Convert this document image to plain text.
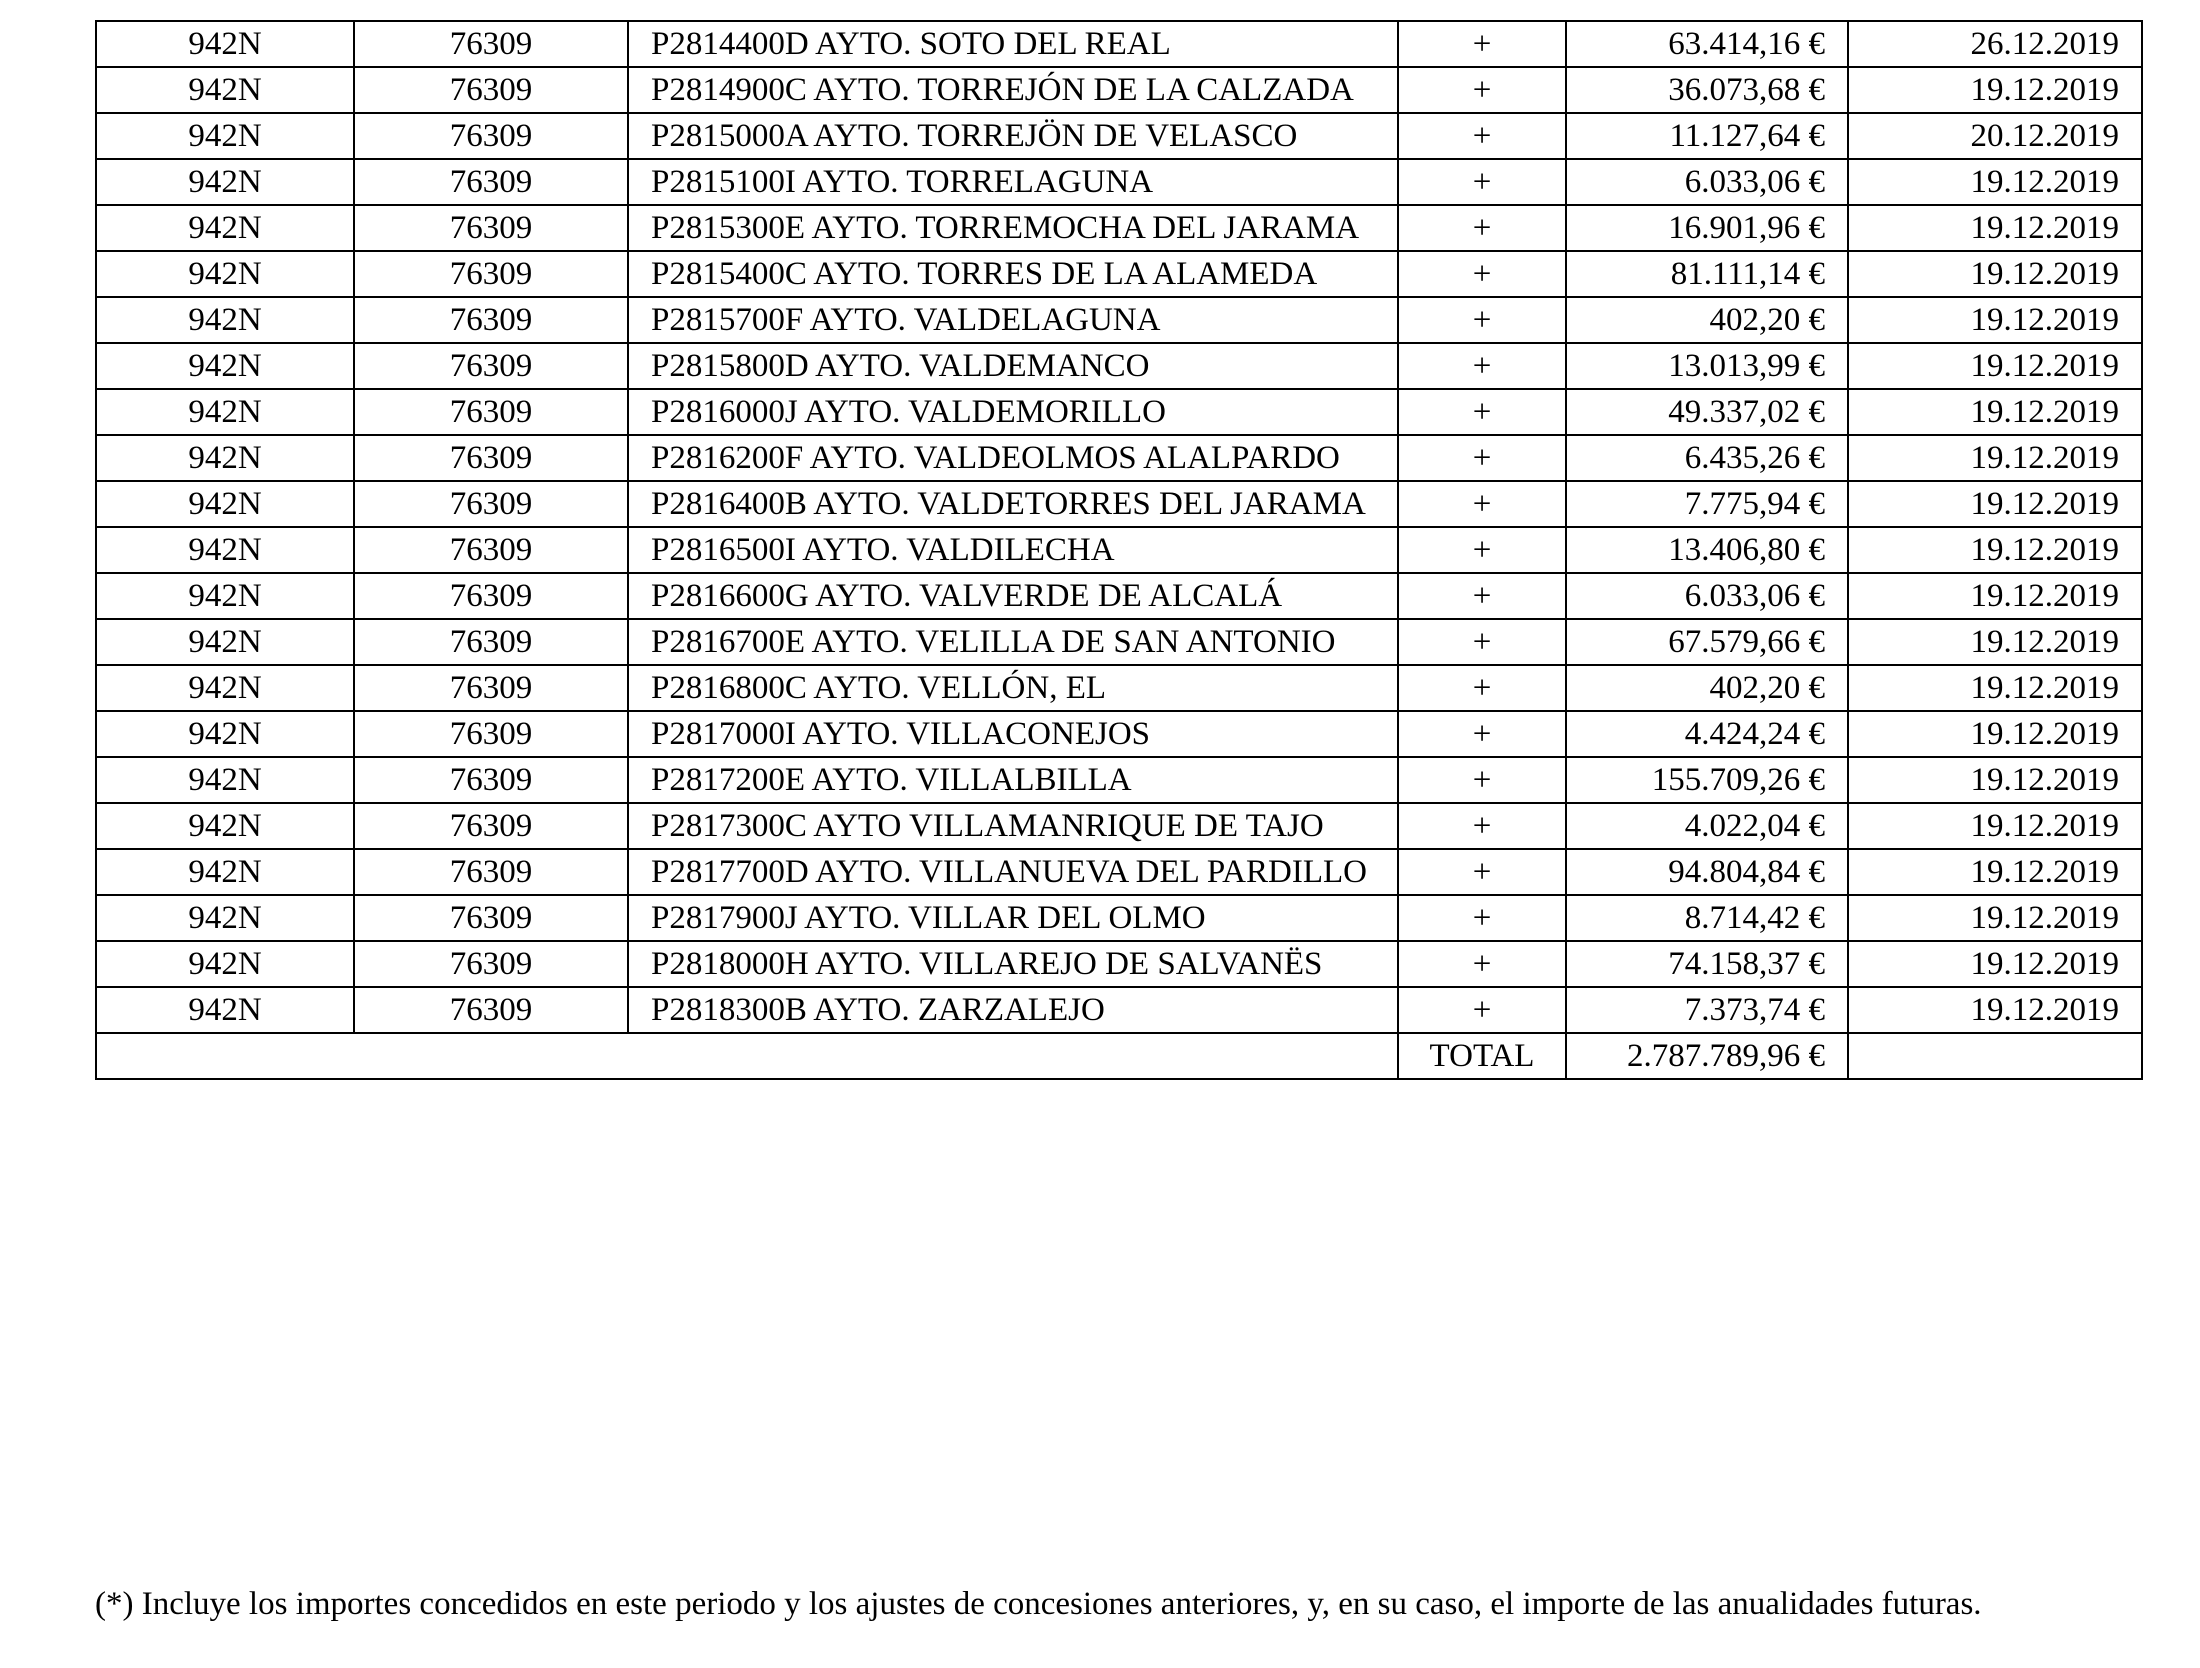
942N	76309	P2814400D AYTO. SOTO DEL REAL	+	63.414,16 €	26.12.2019
942N	76309	P2814900C AYTO. TORREJÓN DE LA CALZADA	+	36.073,68 €	19.12.2019
942N	76309	P2815000A AYTO. TORREJÖN DE VELASCO	+	11.127,64 €	20.12.2019
942N	76309	P2815100I AYTO. TORRELAGUNA	+	6.033,06 €	19.12.2019
942N	76309	P2815300E AYTO. TORREMOCHA DEL JARAMA	+	16.901,96 €	19.12.2019
942N	76309	P2815400C AYTO. TORRES DE LA ALAMEDA	+	81.111,14 €	19.12.2019
942N	76309	P2815700F AYTO. VALDELAGUNA	+	402,20 €	19.12.2019
942N	76309	P2815800D AYTO. VALDEMANCO	+	13.013,99 €	19.12.2019
942N	76309	P2816000J AYTO. VALDEMORILLO	+	49.337,02 €	19.12.2019
942N	76309	P2816200F AYTO. VALDEOLMOS ALALPARDO	+	6.435,26 €	19.12.2019
942N	76309	P2816400B AYTO. VALDETORRES DEL JARAMA	+	7.775,94 €	19.12.2019
942N	76309	P2816500I AYTO. VALDILECHA	+	13.406,80 €	19.12.2019
942N	76309	P2816600G AYTO. VALVERDE DE ALCALÁ	+	6.033,06 €	19.12.2019
942N	76309	P2816700E AYTO. VELILLA DE SAN ANTONIO	+	67.579,66 €	19.12.2019
942N	76309	P2816800C AYTO. VELLÓN, EL	+	402,20 €	19.12.2019
942N	76309	P2817000I AYTO. VILLACONEJOS	+	4.424,24 €	19.12.2019
942N	76309	P2817200E AYTO. VILLALBILLA	+	155.709,26 €	19.12.2019
942N	76309	P2817300C AYTO VILLAMANRIQUE DE TAJO	+	4.022,04 €	19.12.2019
942N	76309	P2817700D AYTO. VILLANUEVA DEL PARDILLO	+	94.804,84 €	19.12.2019
942N	76309	P2817900J AYTO. VILLAR DEL OLMO	+	8.714,42 €	19.12.2019
942N	76309	P2818000H AYTO. VILLAREJO DE SALVANËS	+	74.158,37 €	19.12.2019
942N	76309	P2818300B AYTO. ZARZALEJO	+	7.373,74 €	19.12.2019
			TOTAL	2.787.789,96 €	
(*) Incluye los importes concedidos en este periodo y los ajustes de concesiones anteriores, y, en su caso, el importe de las anualidades futuras.
